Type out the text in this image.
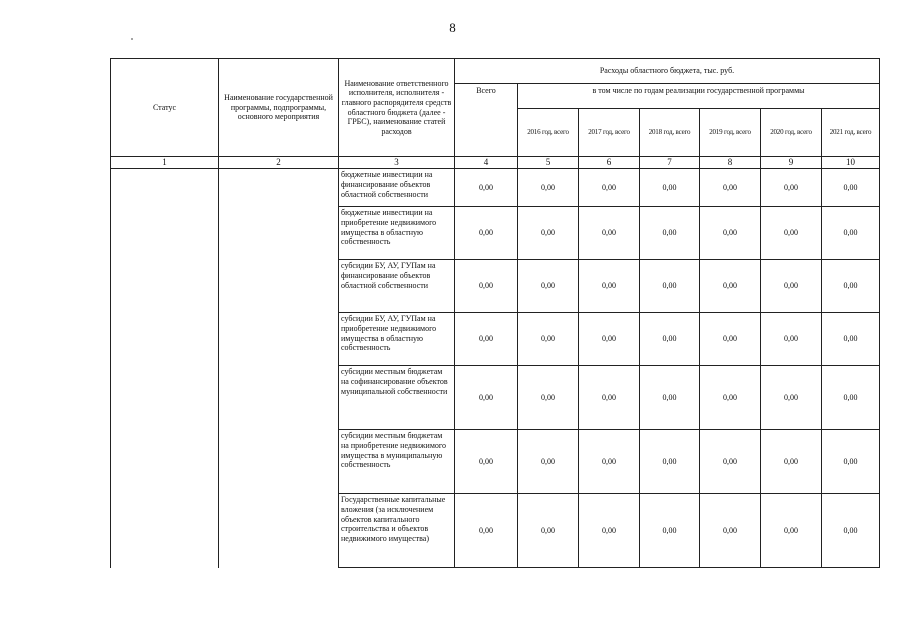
8
Статус	Наименование государственной программы, подпрограммы, основного мероприятия	Наименование ответственного исполнителя, исполнителя - главного распорядителя средств областного бюджета (далее - ГРБС), наименование статей расходов	Расходы областного бюджета, тыс. руб.						
			Всего	в том числе по годам реализации государственной программы					
				2016 год, всего	2017 год, всего	2018 год, всего	2019 год, всего	2020 год, всего	2021 год, всего
1	2	3	4	5	6	7	8	9	10
		бюджетные инвестиции на финансирование объектов областной собственности	0,00	0,00	0,00	0,00	0,00	0,00	0,00
		бюджетные инвестиции на приобретение недвижимого имущества в областную собственность	0,00	0,00	0,00	0,00	0,00	0,00	0,00
		субсидии БУ, АУ, ГУПам на финансирование объектов областной собственности	0,00	0,00	0,00	0,00	0,00	0,00	0,00
		субсидии БУ, АУ, ГУПам на приобретение недвижимого имущества в областную собственность	0,00	0,00	0,00	0,00	0,00	0,00	0,00
		субсидии местным бюджетам на софинансирование объектов муниципальной собственности	0,00	0,00	0,00	0,00	0,00	0,00	0,00
		субсидии местным бюджетам на приобретение недвижимого имущества в муниципальную собственность	0,00	0,00	0,00	0,00	0,00	0,00	0,00
		Государственные капитальные вложения (за исключением объектов капитального строительства и объектов недвижимого имущества)	0,00	0,00	0,00	0,00	0,00	0,00	0,00
